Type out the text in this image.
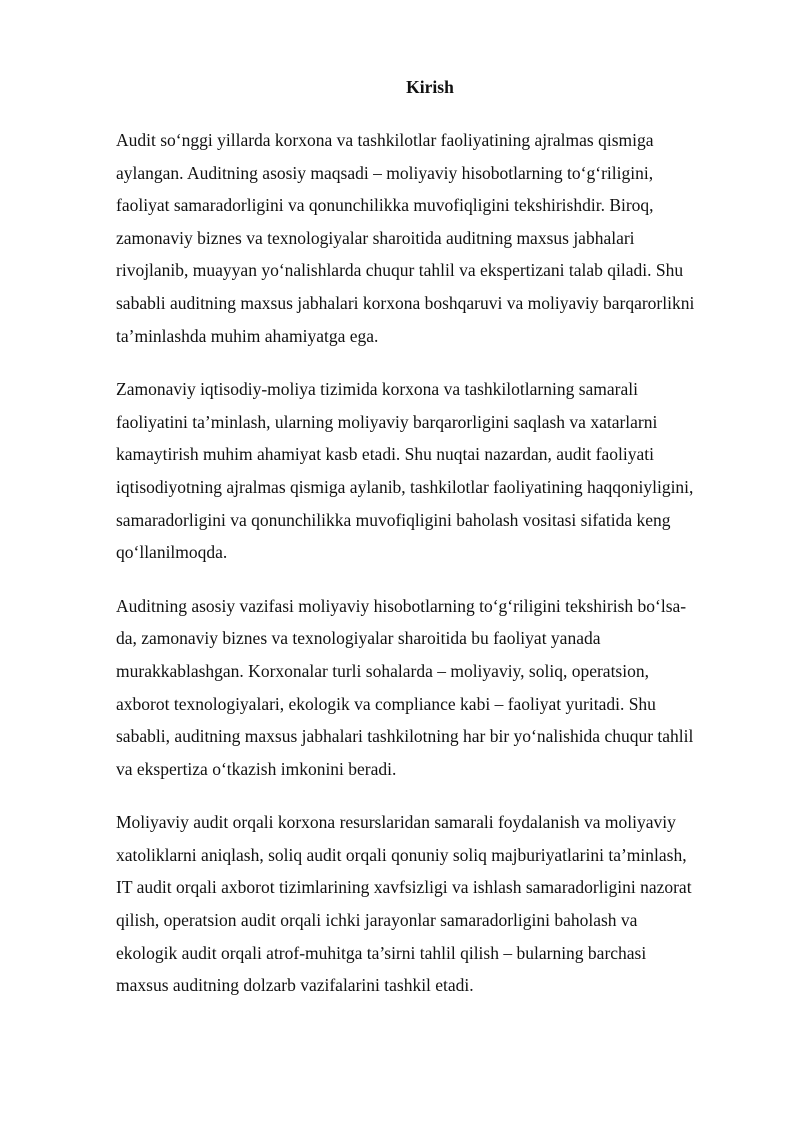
Kirish

Audit so‘nggi yillarda korxona va tashkilotlar faoliyatining ajralmas qismiga
aylangan. Auditning asosiy maqsadi – moliyaviy hisobotlarning to‘g‘riligini,
faoliyat samaradorligini va qonunchilikka muvofiqligini tekshirishdir. Biroq,
zamonaviy biznes va texnologiyalar sharoitida auditning maxsus jabhalari
rivojlanib, muayyan yo‘nalishlarda chuqur tahlil va ekspertizani talab qiladi. Shu
sababli auditning maxsus jabhalari korxona boshqaruvi va moliyaviy barqarorlikni
ta’minlashda muhim ahamiyatga ega.

Zamonaviy iqtisodiy-moliya tizimida korxona va tashkilotlarning samarali
faoliyatini ta’minlash, ularning moliyaviy barqarorligini saqlash va xatarlarni
kamaytirish muhim ahamiyat kasb etadi. Shu nuqtai nazardan, audit faoliyati
iqtisodiyotning ajralmas qismiga aylanib, tashkilotlar faoliyatining haqqoniyligini,
samaradorligini va qonunchilikka muvofiqligini baholash vositasi sifatida keng
qo‘llanilmoqda.

Auditning asosiy vazifasi moliyaviy hisobotlarning to‘g‘riligini tekshirish bo‘lsa-
da, zamonaviy biznes va texnologiyalar sharoitida bu faoliyat yanada
murakkablashgan. Korxonalar turli sohalarda – moliyaviy, soliq, operatsion,
axborot texnologiyalari, ekologik va compliance kabi – faoliyat yuritadi. Shu
sababli, auditning maxsus jabhalari tashkilotning har bir yo‘nalishida chuqur tahlil
va ekspertiza o‘tkazish imkonini beradi.

Moliyaviy audit orqali korxona resurslaridan samarali foydalanish va moliyaviy
xatoliklarni aniqlash, soliq audit orqali qonuniy soliq majburiyatlarini ta’minlash,
IT audit orqali axborot tizimlarining xavfsizligi va ishlash samaradorligini nazorat
qilish, operatsion audit orqali ichki jarayonlar samaradorligini baholash va
ekologik audit orqali atrof-muhitga ta’sirni tahlil qilish – bularning barchasi
maxsus auditning dolzarb vazifalarini tashkil etadi.
